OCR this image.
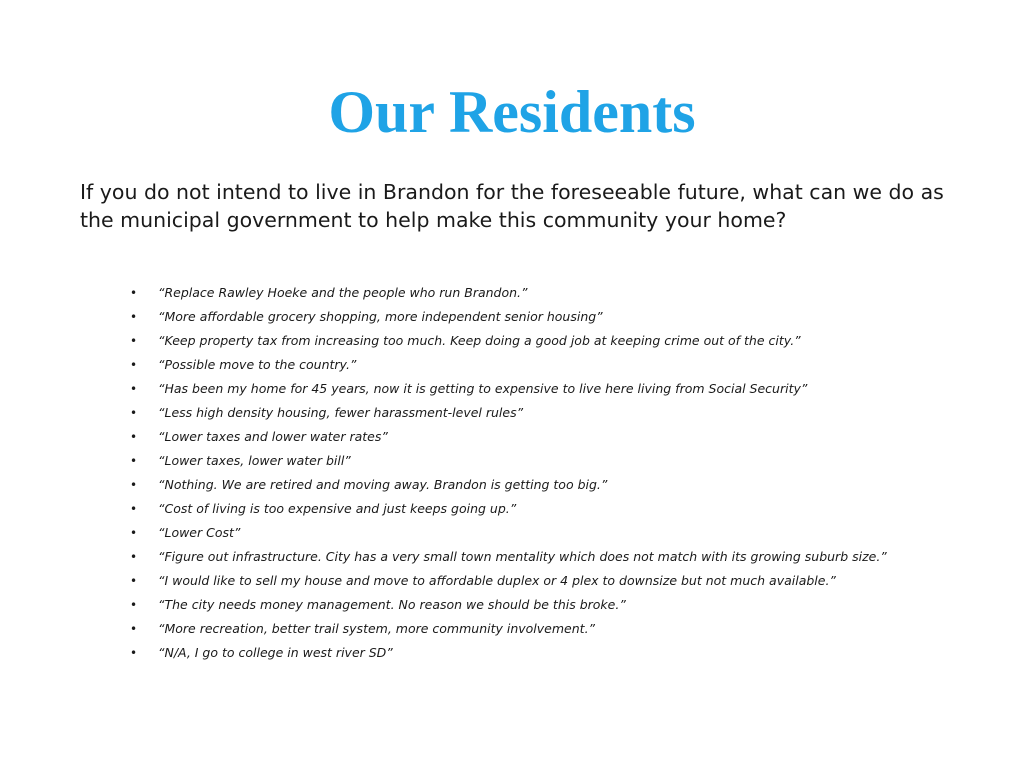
Our Residents

If you do not intend to live in Brandon for the foreseeable future, what can we do as the municipal government to help make this community your home?

• “Replace Rawley Hoeke and the people who run Brandon.”
• “More affordable grocery shopping, more independent senior housing”
• “Keep property tax from increasing too much. Keep doing a good job at keeping crime out of the city.”
• “Possible move to the country.”
• “Has been my home for 45 years, now it is getting to expensive to live here living from Social Security”
• “Less high density housing, fewer harassment-level rules”
• “Lower taxes and lower water rates”
• “Lower taxes, lower water bill”
• “Nothing. We are retired and moving away. Brandon is getting too big.”
• “Cost of living is too expensive and just keeps going up.”
• “Lower Cost”
• “Figure out infrastructure. City has a very small town mentality which does not match with its growing suburb size.”
• “I would like to sell my house and move to affordable duplex or 4 plex to downsize but not much available.”
• “The city needs money management. No reason we should be this broke.”
• “More recreation, better trail system, more community involvement.”
• “N/A, I go to college in west river SD”
